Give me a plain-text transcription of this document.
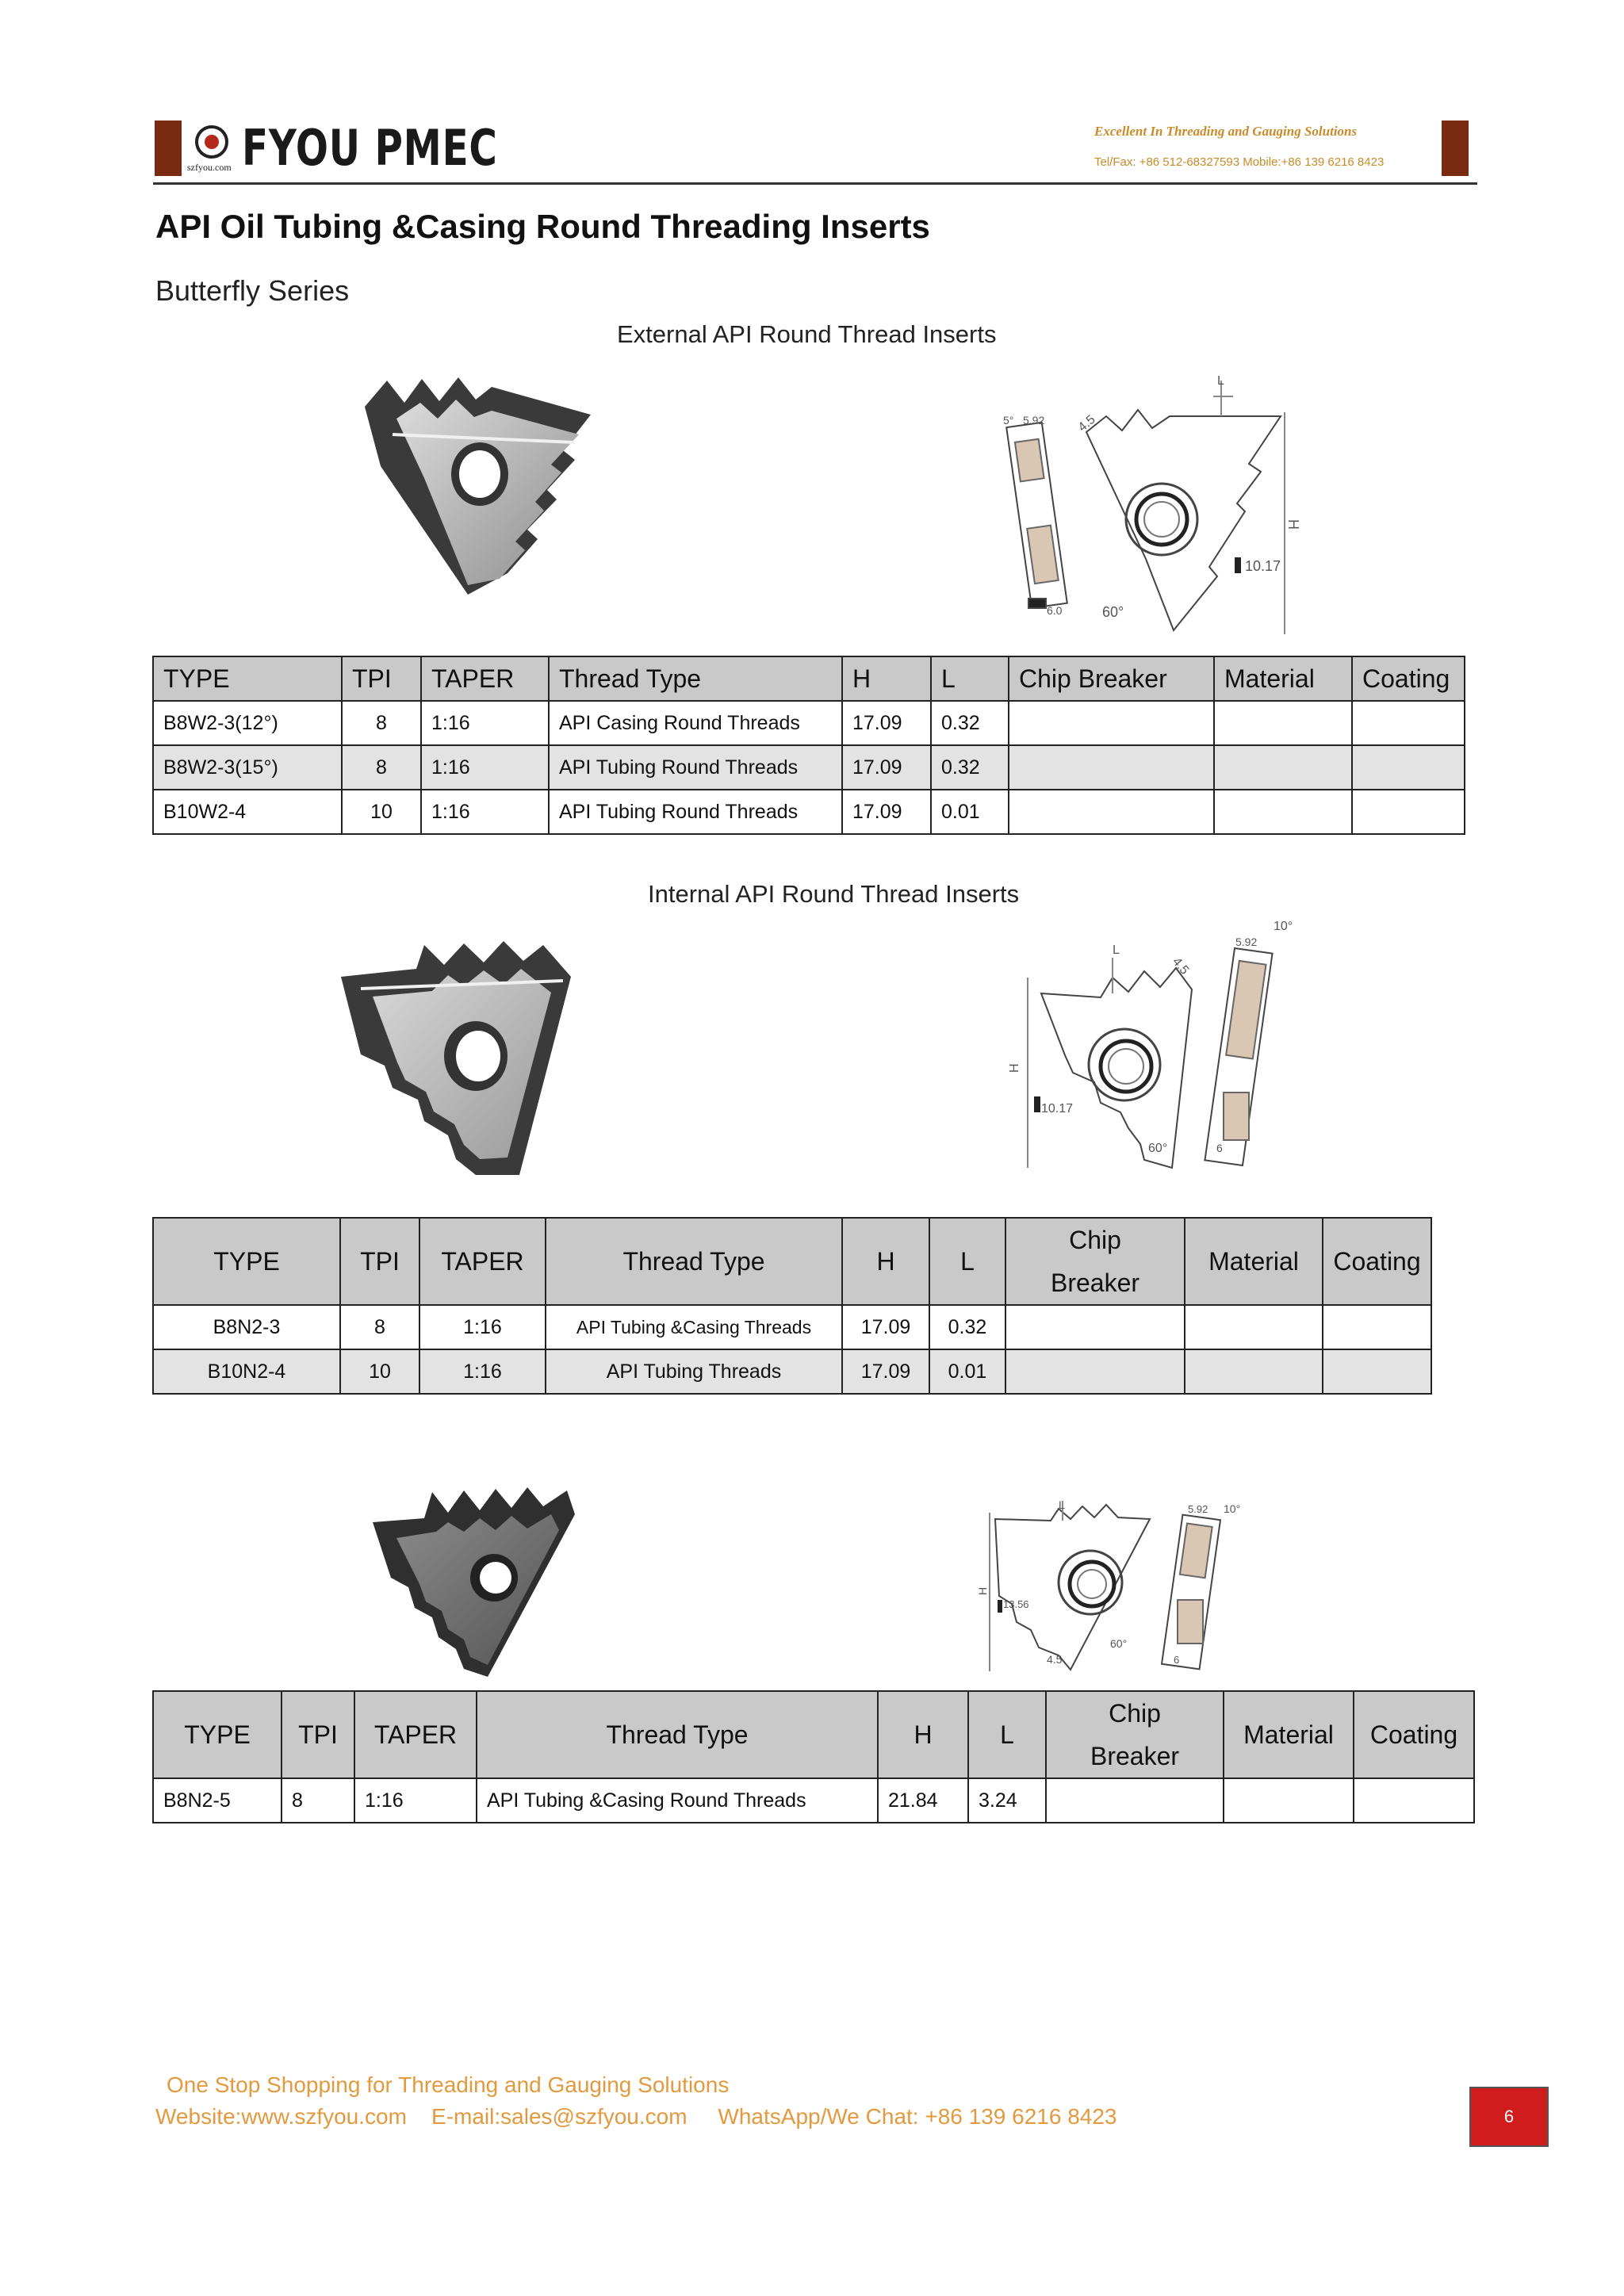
szfyou.com FYOU PMEC	Excellent In Threading and Gauging Solutions
Tel/Fax: +86 512-68327593 Mobile:+86 139 6216 8423
API Oil Tubing &Casing Round Threading Inserts
Butterfly Series
External API Round Thread Inserts
L
4.5
5.92
5°
H
10.17
60°
6.0
TYPE	TPI	TAPER	Thread Type	H	L	Chip Breaker	Material	Coating
B8W2-3(12°)	8	1:16	API Casing Round Threads	17.09	0.32			
B8W2-3(15°)	8	1:16	API Tubing Round Threads	17.09	0.32			
B10W2-4	10	1:16	API Tubing Round Threads	17.09	0.01			
Internal API Round Thread Inserts
L
4.5
5.92
10°
H
10.17
60°	6
TYPE	TPI	TAPER	Thread Type	H	L	Chip
Breaker	Material	Coating
B8N2-3	8	1:16	API Tubing &Casing Threads	17.09	0.32			
B10N2-4	10	1:16	API Tubing Threads	17.09	0.01			
L	5.92 10°
H
13.56
60°
4.5	6
TYPE	TPI	TAPER	Thread Type	H	L	Chip
Breaker	Material	Coating
B8N2-5	8	1:16	API Tubing &Casing Round Threads	21.84	3.24			
One Stop Shopping for Threading and Gauging Solutions
Website:www.szfyou.com    E-mail:sales@szfyou.com     WhatsApp/We Chat: +86 139 6216 8423	6
